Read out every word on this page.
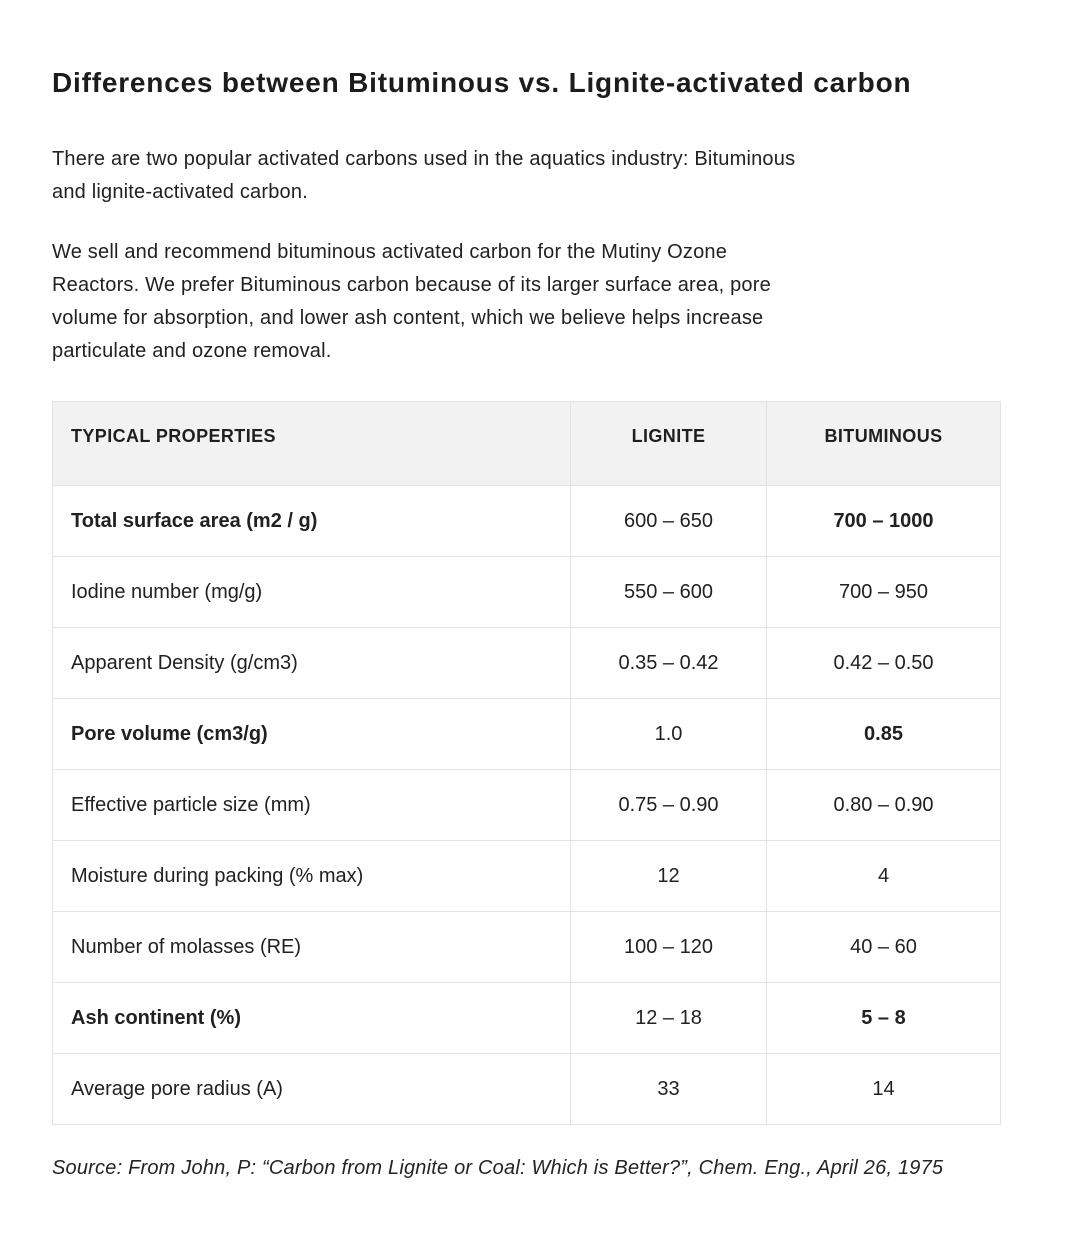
Differences between Bituminous vs. Lignite-activated carbon

There are two popular activated carbons used in the aquatics industry: Bituminous
and lignite-activated carbon.

We sell and recommend bituminous activated carbon for the Mutiny Ozone
Reactors. We prefer Bituminous carbon because of its larger surface area, pore
volume for absorption, and lower ash content, which we believe helps increase
particulate and ozone removal.

TYPICAL PROPERTIES	LIGNITE	BITUMINOUS
Total surface area (m2 / g)	600 – 650	700 – 1000
Iodine number (mg/g)	550 – 600	700 – 950
Apparent Density (g/cm3)	0.35 – 0.42	0.42 – 0.50
Pore volume (cm3/g)	1.0	0.85
Effective particle size (mm)	0.75 – 0.90	0.80 – 0.90
Moisture during packing (% max)	12	4
Number of molasses (RE)	100 – 120	40 – 60
Ash continent (%)	12 – 18	5 – 8
Average pore radius (A)	33	14

Source: From John, P: “Carbon from Lignite or Coal: Which is Better?”, Chem. Eng., April 26, 1975
